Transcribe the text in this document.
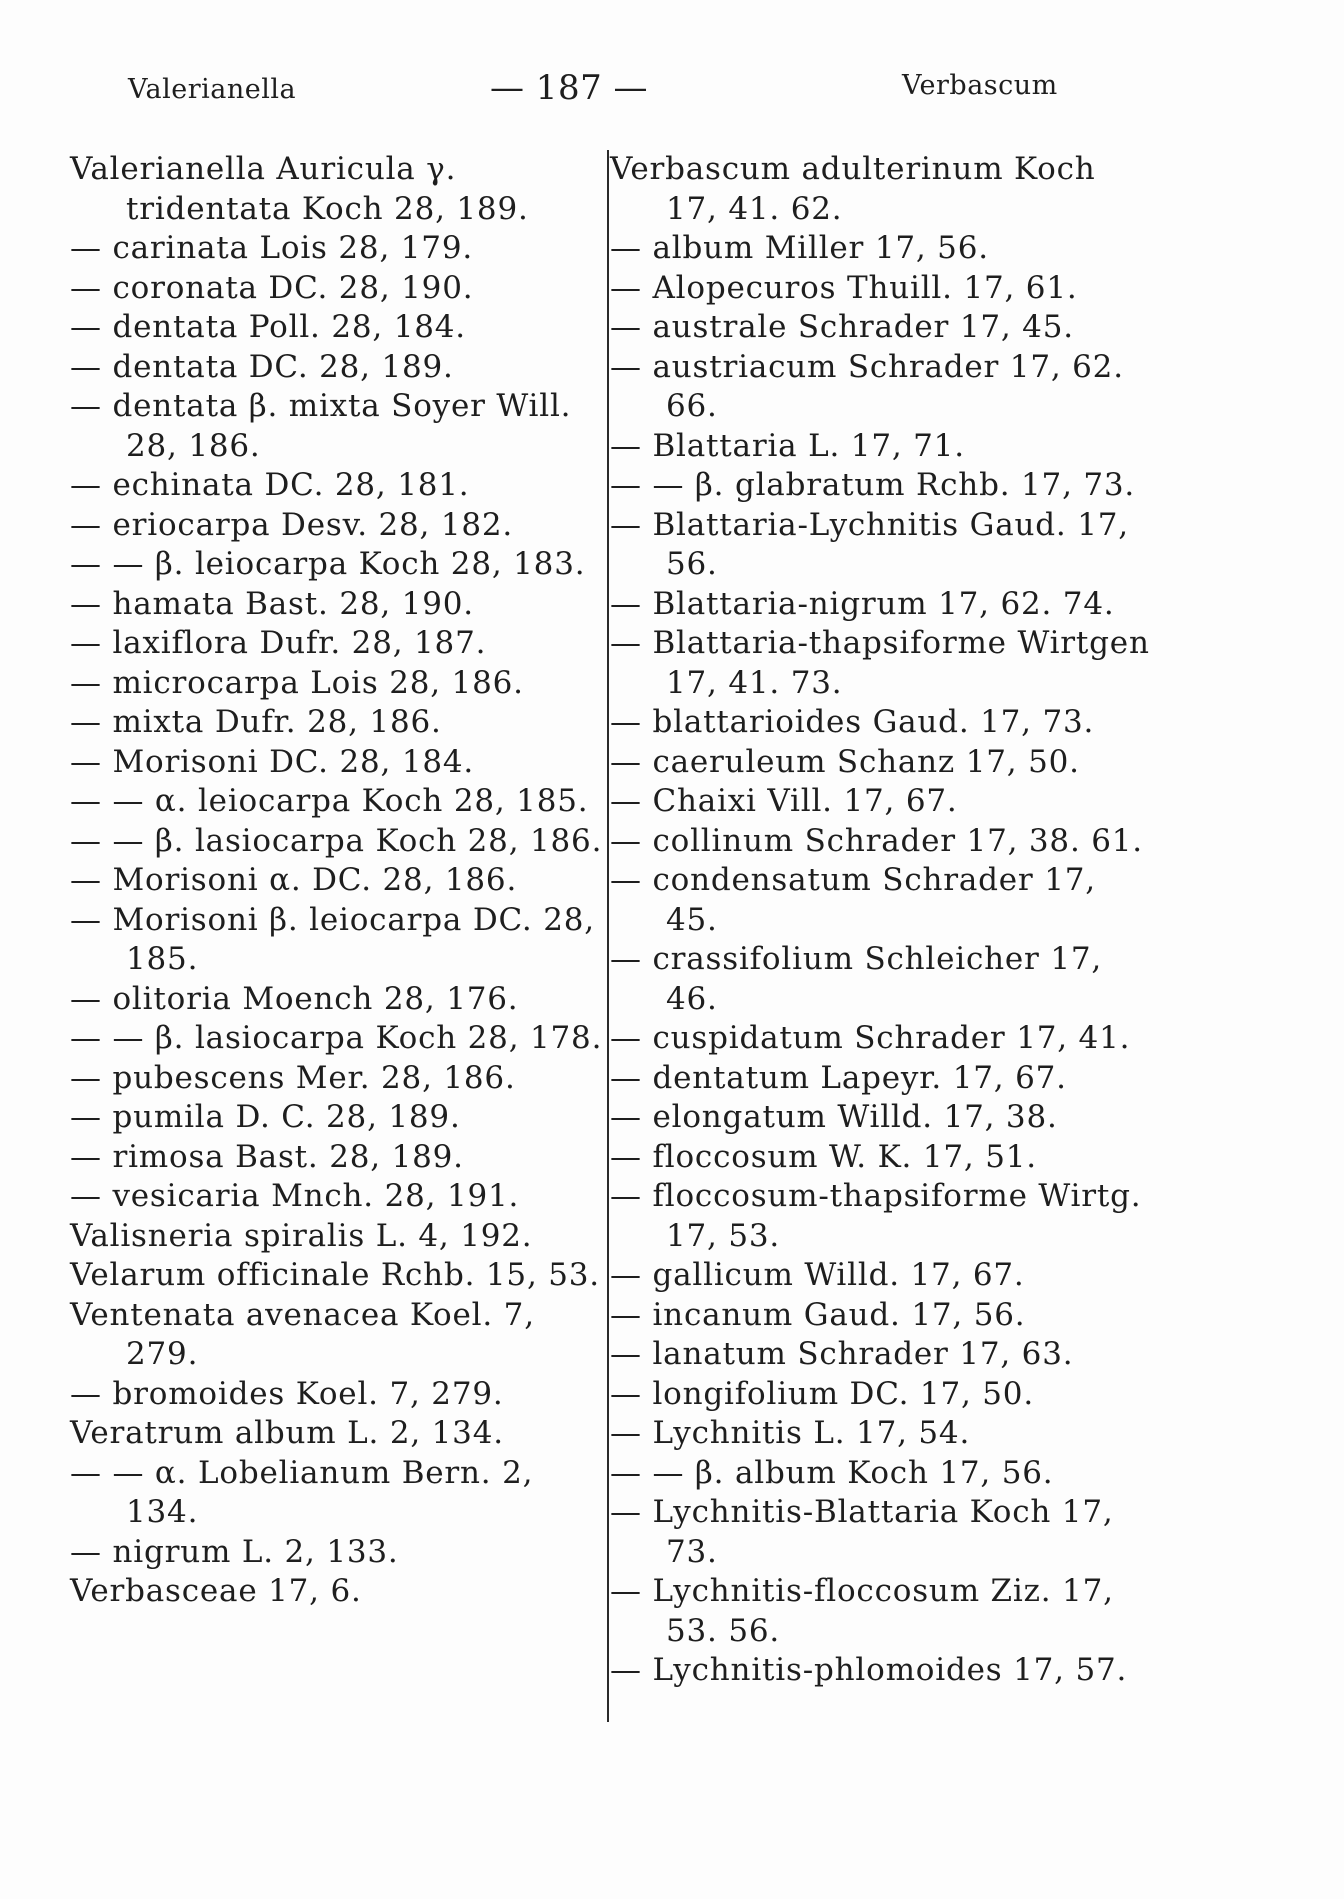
Valerianella	— 187 —	Verbascum
Valerianella Auricula γ. tridentata Koch 28, 189.
— carinata Lois 28, 179.
— coronata DC. 28, 190.
— dentata Poll. 28, 184.
— dentata DC. 28, 189.
— dentata β. mixta Soyer Will. 28, 186.
— echinata DC. 28, 181.
— eriocarpa Desv. 28, 182.
— — β. leiocarpa Koch 28, 183.
— hamata Bast. 28, 190.
— laxiflora Dufr. 28, 187.
— microcarpa Lois 28, 186.
— mixta Dufr. 28, 186.
— Morisoni DC. 28, 184.
— — α. leiocarpa Koch 28, 185.
— — β. lasiocarpa Koch 28, 186.
— Morisoni α. DC. 28, 186.
— Morisoni β. leiocarpa DC. 28, 185.
— olitoria Moench 28, 176.
— — β. lasiocarpa Koch 28, 178.
— pubescens Mer. 28, 186.
— pumila D. C. 28, 189.
— rimosa Bast. 28, 189.
— vesicaria Mnch. 28, 191.
Valisneria spiralis L. 4, 192.
Velarum officinale Rchb. 15, 53.
Ventenata avenacea Koel. 7, 279.
— bromoides Koel. 7, 279.
Veratrum album L. 2, 134.
— — α. Lobelianum Bern. 2, 134.
— nigrum L. 2, 133.
Verbasceae 17, 6.
Verbascum adulterinum Koch 17, 41. 62.
— album Miller 17, 56.
— Alopecuros Thuill. 17, 61.
— australe Schrader 17, 45.
— austriacum Schrader 17, 62. 66.
— Blattaria L. 17, 71.
— — β. glabratum Rchb. 17, 73.
— Blattaria-Lychnitis Gaud. 17, 56.
— Blattaria-nigrum 17, 62. 74.
— Blattaria-thapsiforme Wirtgen 17, 41. 73.
— blattarioides Gaud. 17, 73.
— caeruleum Schanz 17, 50.
— Chaixi Vill. 17, 67.
— collinum Schrader 17, 38. 61.
— condensatum Schrader 17, 45.
— crassifolium Schleicher 17, 46.
— cuspidatum Schrader 17, 41.
— dentatum Lapeyr. 17, 67.
— elongatum Willd. 17, 38.
— floccosum W. K. 17, 51.
— floccosum-thapsiforme Wirtg. 17, 53.
— gallicum Willd. 17, 67.
— incanum Gaud. 17, 56.
— lanatum Schrader 17, 63.
— longifolium DC. 17, 50.
— Lychnitis L. 17, 54.
— — β. album Koch 17, 56.
— Lychnitis-Blattaria Koch 17, 73.
— Lychnitis-floccosum Ziz. 17, 53. 56.
— Lychnitis-phlomoides 17, 57.
